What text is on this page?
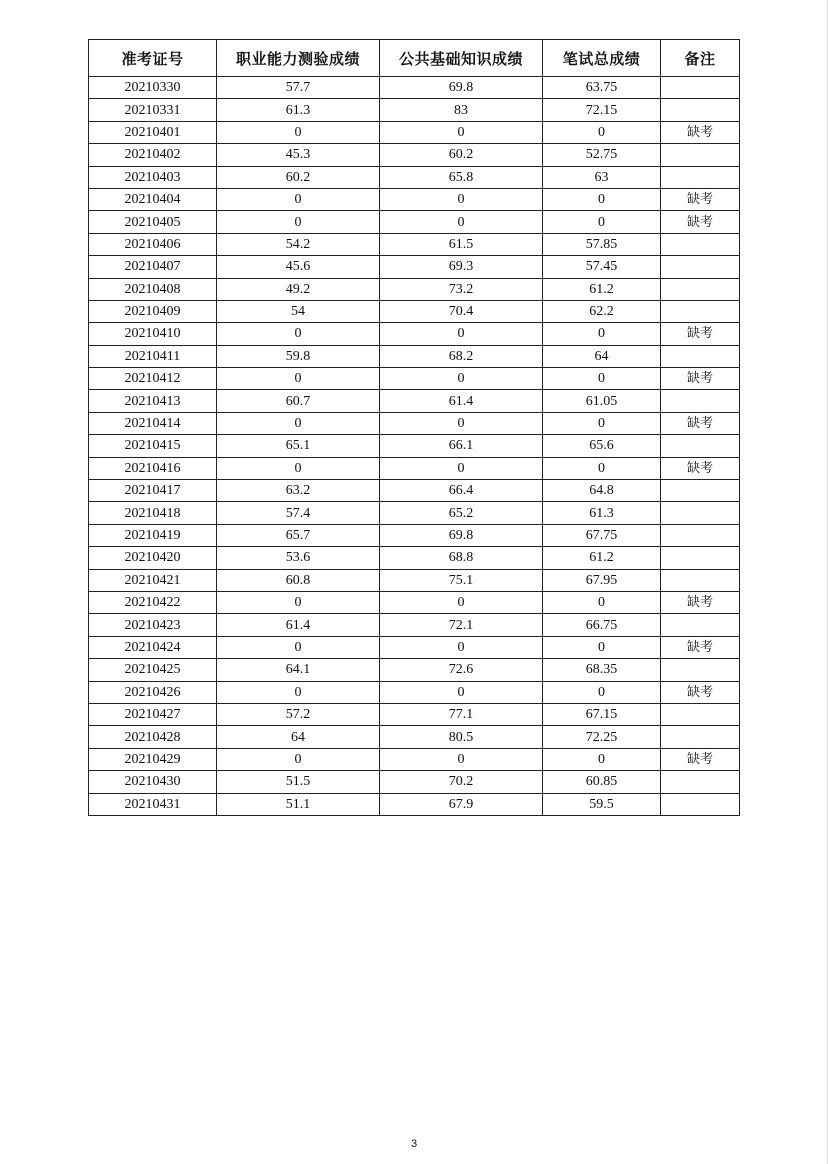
准考证号	职业能力测验成绩	公共基础知识成绩	笔试总成绩	备注
20210330	57.7	69.8	63.75	
20210331	61.3	83	72.15	
20210401	0	0	0	缺考
20210402	45.3	60.2	52.75	
20210403	60.2	65.8	63	
20210404	0	0	0	缺考
20210405	0	0	0	缺考
20210406	54.2	61.5	57.85	
20210407	45.6	69.3	57.45	
20210408	49.2	73.2	61.2	
20210409	54	70.4	62.2	
20210410	0	0	0	缺考
20210411	59.8	68.2	64	
20210412	0	0	0	缺考
20210413	60.7	61.4	61.05	
20210414	0	0	0	缺考
20210415	65.1	66.1	65.6	
20210416	0	0	0	缺考
20210417	63.2	66.4	64.8	
20210418	57.4	65.2	61.3	
20210419	65.7	69.8	67.75	
20210420	53.6	68.8	61.2	
20210421	60.8	75.1	67.95	
20210422	0	0	0	缺考
20210423	61.4	72.1	66.75	
20210424	0	0	0	缺考
20210425	64.1	72.6	68.35	
20210426	0	0	0	缺考
20210427	57.2	77.1	67.15	
20210428	64	80.5	72.25	
20210429	0	0	0	缺考
20210430	51.5	70.2	60.85	
20210431	51.1	67.9	59.5	
3
